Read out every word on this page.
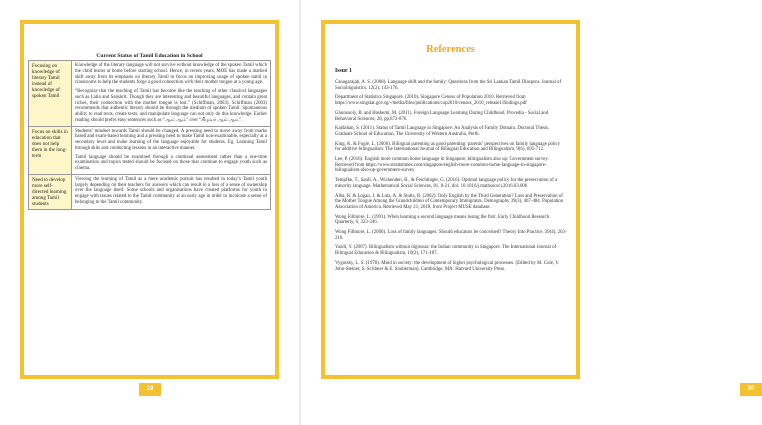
Current Status of Tamil Education in School
Focusing on knowledge of literary Tamil instead of knowledge of spoken Tamil	Knowledge of the literary language will not survive without knowledge of the spoken Tamil which the child learns at home before starting school. Hence, in recent years, MOE has made a marked shift away from its emphasis on literary Tamil to focus on improving usage of spoken tamil in classrooms to help the students forge a good connection with their mother tongue at a young age.

“Recognize that the teaching of Tamil has become like the teaching of other classical languages such as Latin and Sanskrit. Though they are interesting and beautiful languages, and contain great riches, their connection with the mother tongue is lost.” (Schiffman, 2003). Schiffman (2003) recommends that authentic literary should be through the medium of spoken Tamil. Spontaneous ability to read texts, create texts, and manipulate language can not only do this knowledge. Earlier reading should prefer easy sentences such as “ஆம் ஆம்” over “கிழவர் ஆம் ஆம்”.

Focus on skills in education that does not help them in the long-term	Students’ mindset towards Tamil should be changed. A pressing need to move away from marks based and exam-based learning and a pressing need to make Tamil non-examinable, especially at a secondary level and make learning of the language enjoyable for students. Eg. Learning Tamil through skits and conducting lessons in an interactive manner.

Tamil language should be examined through a continual assessment rather than a one-time examination and topics tested should be focused on those that continue to engage youth such as cinema.

Need to develop more self-directed learning among Tamil students	Viewing the learning of Tamil as a mere academic pursuit has resulted in today’s Tamil youth largely depending on their teachers for answers which can result in a loss of a sense of ownership over the language itself. Some schools and organisations have created platforms for youth to engage with issues related to the Tamil community at an early age in order to inculcate a sense of belonging to the Tamil community.

19
References
Issue 1

Canagarajah, A. S. (2008). Language shift and the family: Questions from the Sri Lankan Tamil Diaspora. Journal of Sociolinguistics, 12(2), 143-176.

Department of Statistics Singapore. (2010). Singapore Census of Population 2010. Retrieved from https://www.singstat.gov.sg/-/media/files/publications/cop2010/census_2010_release1/findings.pdf

Ghonsooly, B. and Hashemi, M. (2011). Foreign Language Learning During Childhood. Procedia - Social and Behavioral Sciences, 28, pp.872-876.

Kaidahan, S. (2011). Status of Tamil Language in Singapore: An Analysis of Family Domain. Doctoral Thesis. Graduate School of Education, The University of Western Australia, Perth.

King, K. & Fogle, L. (2006). Bilingual parenting as good parenting: parents’ perspectives on family language policy for additive bilingualism. The International Journal of Bilingual Education and Bilingualism, 9(6), 695-712.

Lee, P. (2016). English more common home language in Singapore, bilingualism also up: Government survey. Retrieved from https://www.straitstimes.com/singapore/english-more-common-home-language-in-singapore-bilingualism-also-up-government-survey

Tempfke, T., Saull, A., Wickenden, B., & Feichtinger, G. (2016). Optimal language policy for the preservation of a minority language. Mathematical Social Sciences, 81, 8-21. doi: 10.1016/j.mathsocsci.2016.03.006

Alba, R. & Logan, J. & Lutz, A. & Stults, B. (2002). Only English by the Third Generation? Loss and Preservation of the Mother Tongue Among the Grandchildren of Contemporary Immigrants. Demography 39(3), 467-484. Population Association of America. Retrieved May 21, 2018, from Project MUSE database.

Wong Fillmore, L. (1991). When learning a second language means losing the first. Early Childhood Research Quarterly, 6, 323-346.

Wong Fillmore, L. (2000). Loss of family languages: Should educators be concerned? Theory Into Practice, 39(4), 203-210.

Yazdi, Y. (2007). Bilingualism without diglossia: the Indian community in Singapore. The International Journal of Bilingual Education & Bilingualism, 10(2), 171-187.

Vygotsky, L. S. (1978). Mind in society: the development of higher psychological processes. (Edited by M. Cole, V. John-Steiner, S. Scribner & E. Souberman). Cambridge, MA: Harvard University Press.

20
